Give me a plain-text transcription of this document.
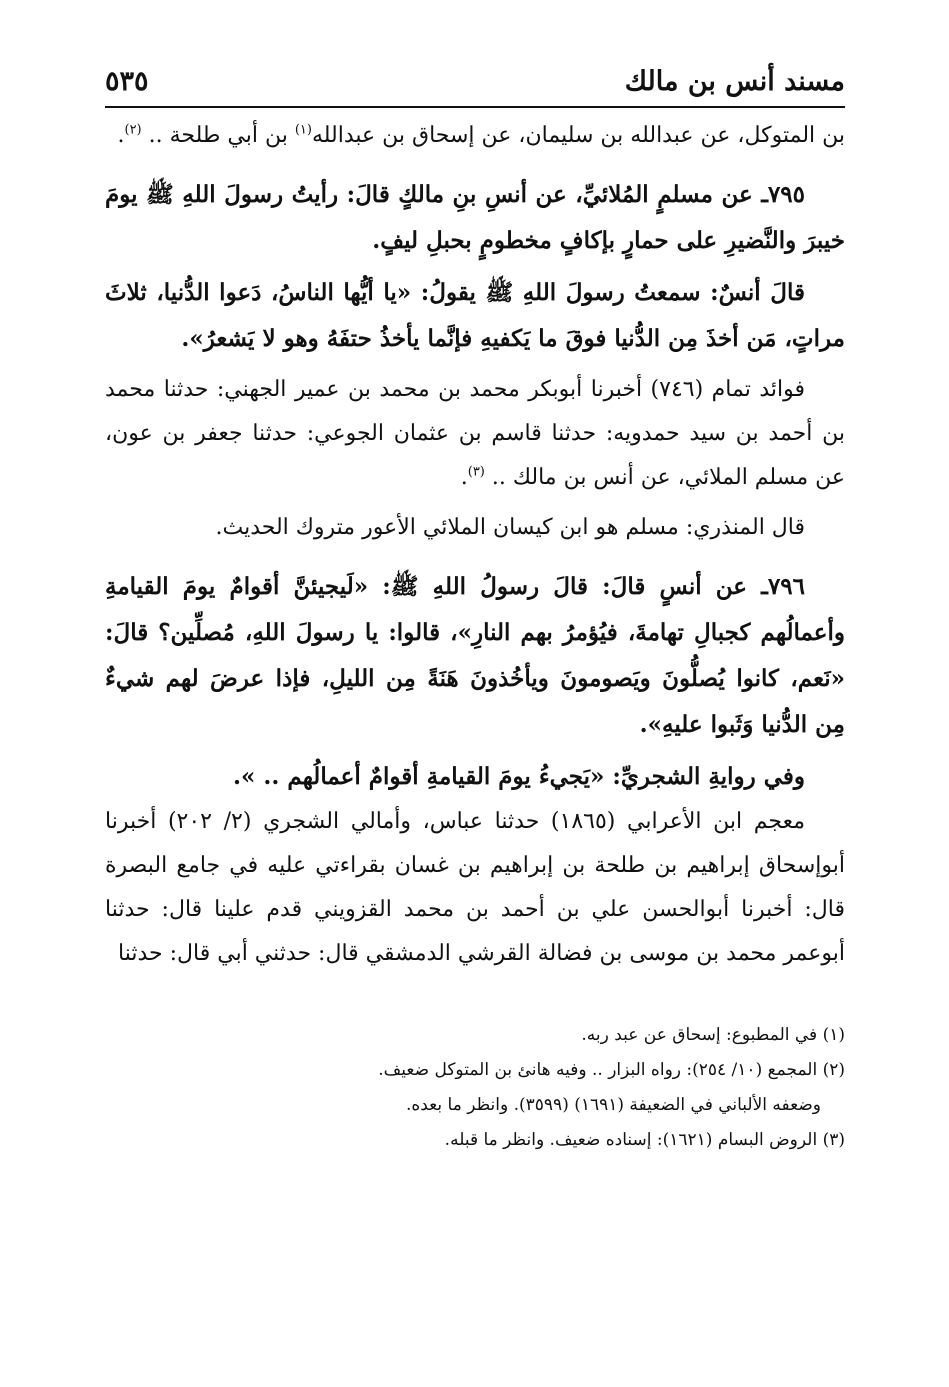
مسند أنس بن مالك
٥٣٥

بن المتوكل، عن عبدالله بن سليمان، عن إسحاق بن عبدالله$^{(١)}$ بن أبي طلحة .. $^{(٢)}$.

٧٩٥ـ عن مسلمٍ المُلائيِّ، عن أنسِ بنِ مالكٍ قالَ: رأيتُ رسولَ اللهِ ﷺ يومَ خيبرَ والنَّضيرِ على حمارٍ بإكافٍ مخطومٍ بحبلِ ليفٍ.

قالَ أنسٌ: سمعتُ رسولَ اللهِ ﷺ يقولُ: «يا أيُّها الناسُ، دَعوا الدُّنيا، ثلاثَ مراتٍ، مَن أخذَ مِن الدُّنيا فوقَ ما يَكفيهِ فإنَّما يأخذُ حتفَهُ وهو لا يَشعرُ».

فوائد تمام (٧٤٦) أخبرنا أبوبكر محمد بن محمد بن عمير الجهني: حدثنا محمد بن أحمد بن سيد حمدويه: حدثنا قاسم بن عثمان الجوعي: حدثنا جعفر بن عون، عن مسلم الملائي، عن أنس بن مالك .. $^{(٣)}$.

قال المنذري: مسلم هو ابن كيسان الملائي الأعور متروك الحديث.

٧٩٦ـ عن أنسٍ قالَ: قالَ رسولُ اللهِ ﷺ: «لَيجيئنَّ أقوامٌ يومَ القيامةِ وأعمالُهم كجبالِ تهامةَ، فيُؤمرُ بهم النارِ»، قالوا: يا رسولَ اللهِ، مُصلِّين؟ قالَ: «نَعم، كانوا يُصلُّونَ ويَصومونَ ويأخُذونَ هَنَةً مِن الليلِ، فإذا عرضَ لهم شيءٌ مِن الدُّنيا وَثَبوا عليهِ».

وفي روايةِ الشجريِّ: «يَجيءُ يومَ القيامةِ أقوامٌ أعمالُهم .. ».

معجم ابن الأعرابي (١٨٦٥) حدثنا عباس، وأمالي الشجري (٢/ ٢٠٢) أخبرنا أبوإسحاق إبراهيم بن طلحة بن إبراهيم بن غسان بقراءتي عليه في جامع البصرة قال: أخبرنا أبوالحسن علي بن أحمد بن محمد القزويني قدم علينا قال: حدثنا أبوعمر محمد بن موسى بن فضالة القرشي الدمشقي قال: حدثني أبي قال: حدثنا

(١) في المطبوع: إسحاق عن عبد ربه.
(٢) المجمع (١٠/ ٢٥٤): رواه البزار .. وفيه هانئ بن المتوكل ضعيف.
وضعفه الألباني في الضعيفة (١٦٩١) (٣٥٩٩). وانظر ما بعده.
(٣) الروض البسام (١٦٢١): إسناده ضعيف. وانظر ما قبله.
